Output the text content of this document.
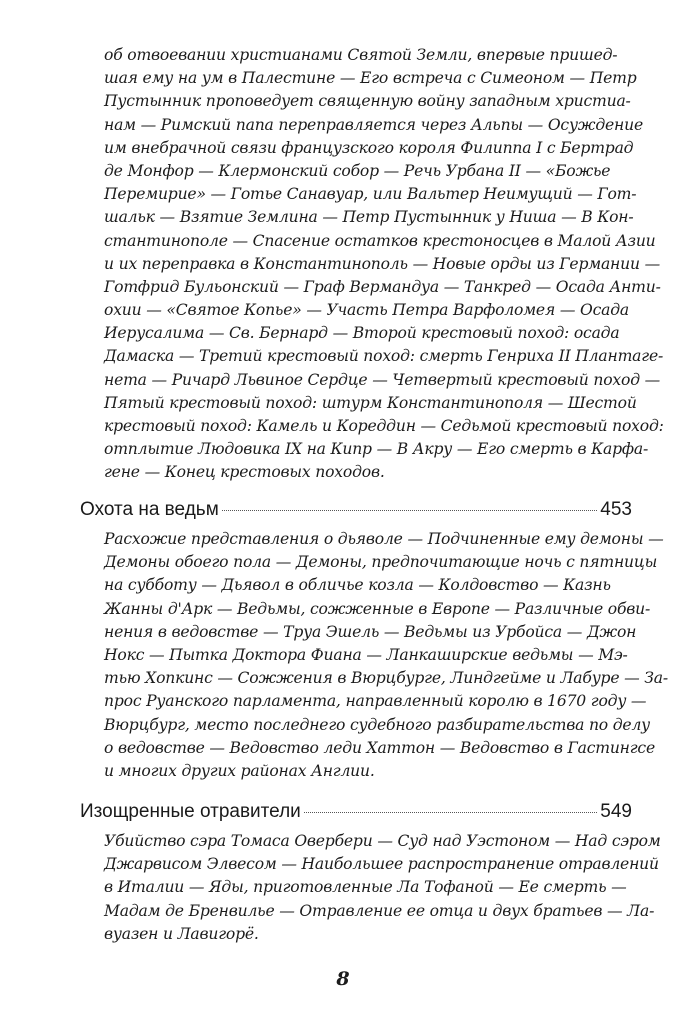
об отвоевании христианами Святой Земли, впервые пришед-
шая ему на ум в Палестине — Его встреча с Симеоном — Петр
Пустынник проповедует священную войну западным христиа-
нам — Римский папа переправляется через Альпы — Осуждение
им внебрачной связи французского короля Филиппа I с Бертрад
де Монфор — Клермонский собор — Речь Урбана II — «Божье
Перемирие» — Готье Санавуар, или Вальтер Неимущий — Гот-
шальк — Взятие Землина — Петр Пустынник у Ниша — В Кон-
стантинополе — Спасение остатков крестоносцев в Малой Азии
и их переправка в Константинополь — Новые орды из Германии —
Готфрид Бульонский — Граф Вермандуа — Танкред — Осада Анти-
охии — «Святое Копье» — Участь Петра Варфоломея — Осада
Иерусалима — Св. Бернард — Второй крестовый поход: осада
Дамаска — Третий крестовый поход: смерть Генриха II Плантаге-
нета — Ричард Львиное Сердце — Четвертый крестовый поход —
Пятый крестовый поход: штурм Константинополя — Шестой
крестовый поход: Камель и Кореддин — Седьмой крестовый поход:
отплытие Людовика IX на Кипр — В Акру — Его смерть в Карфа-
гене — Конец крестовых походов.
Охота на ведьм	453
Расхожие представления о дьяволе — Подчиненные ему демоны —
Демоны обоего пола — Демоны, предпочитающие ночь с пятницы
на субботу — Дьявол в обличье козла — Колдовство — Казнь
Жанны д'Арк — Ведьмы, сожженные в Европе — Различные обви-
нения в ведовстве — Труа Эшель — Ведьмы из Урбойса — Джон
Нокс — Пытка Доктора Фиана — Ланкаширские ведьмы — Мэ-
тью Хопкинс — Сожжения в Вюрцбурге, Линдгейме и Лабуре — За-
прос Руанского парламента, направленный королю в 1670 году —
Вюрцбург, место последнего судебного разбирательства по делу
о ведовстве — Ведовство леди Хаттон — Ведовство в Гастингсе
и многих других районах Англии.
Изощренные отравители	549
Убийство сэра Томаса Овербери — Суд над Уэстоном — Над сэром
Джарвисом Элвесом — Наибольшее распространение отравлений
в Италии — Яды, приготовленные Ла Тофаной — Ее смерть —
Мадам де Бренвилье — Отравление ее отца и двух братьев — Ла-
вуазен и Лавигорё.
8
